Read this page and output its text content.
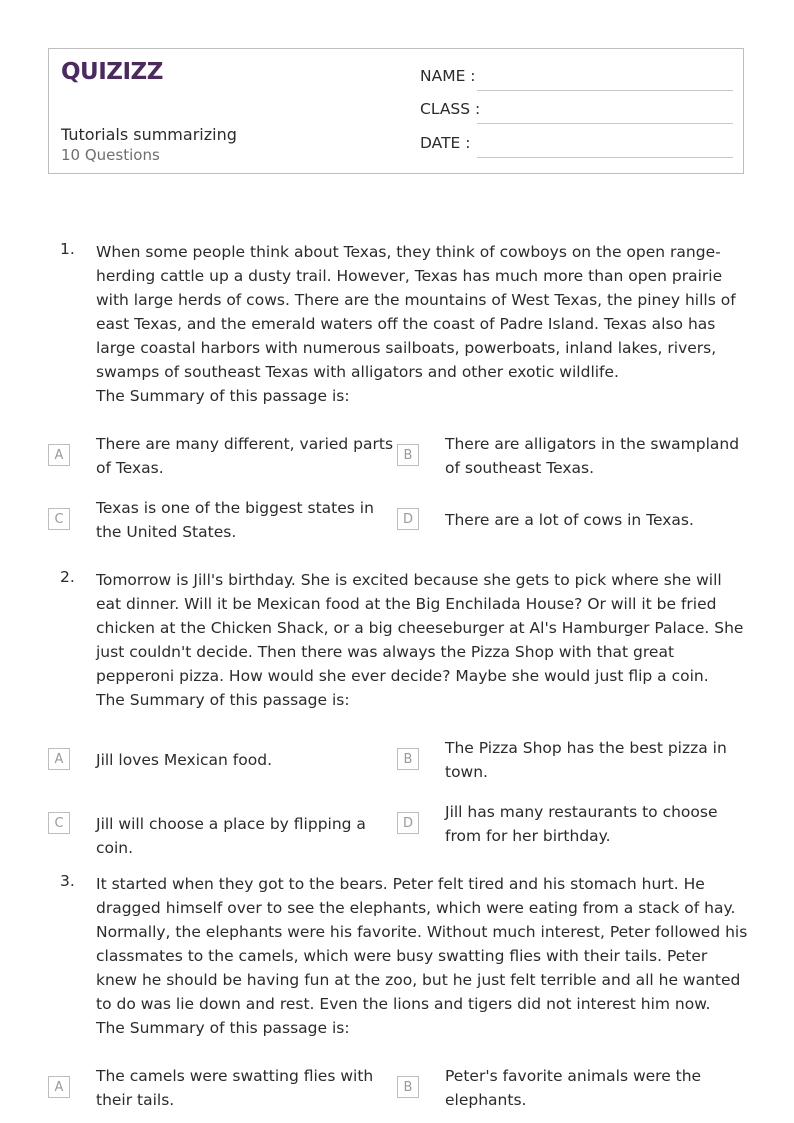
QUIZIZZ
Tutorials summarizing
10 Questions
NAME :
CLASS :
DATE :
1. When some people think about Texas, they think of cowboys on the open range-herding cattle up a dusty trail. However, Texas has much more than open prairie with large herds of cows. There are the mountains of West Texas, the piney hills of east Texas, and the emerald waters off the coast of Padre Island. Texas also has large coastal harbors with numerous sailboats, powerboats, inland lakes, rivers, swamps of southeast Texas with alligators and other exotic wildlife.

The Summary of this passage is:

A
There are many different, varied parts of Texas.
B
There are alligators in the swampland of southeast Texas.
C
Texas is one of the biggest states in the United States.
D	There are a lot of cows in Texas.
2. Tomorrow is Jill's birthday. She is excited because she gets to pick where she will eat dinner. Will it be Mexican food at the Big Enchilada House? Or will it be fried chicken at the Chicken Shack, or a big cheeseburger at Al's Hamburger Palace. She just couldn't decide. Then there was always the Pizza Shop with that great pepperoni pizza. How would she ever decide? Maybe she would just flip a coin.

The Summary of this passage is:

A	Jill loves Mexican food.	B
The Pizza Shop has the best pizza in town.
C	Jill will choose a place by flipping a coin.
D
Jill has many restaurants to choose from for her birthday.
3. It started when they got to the bears. Peter felt tired and his stomach hurt. He dragged himself over to see the elephants, which were eating from a stack of hay. Normally, the elephants were his favorite. Without much interest, Peter followed his classmates to the camels, which were busy swatting flies with their tails. Peter knew he should be having fun at the zoo, but he just felt terrible and all he wanted to do was lie down and rest. Even the lions and tigers did not interest him now.

The Summary of this passage is:

A
The camels were swatting flies with their tails.
B
Peter's favorite animals were the elephants.
